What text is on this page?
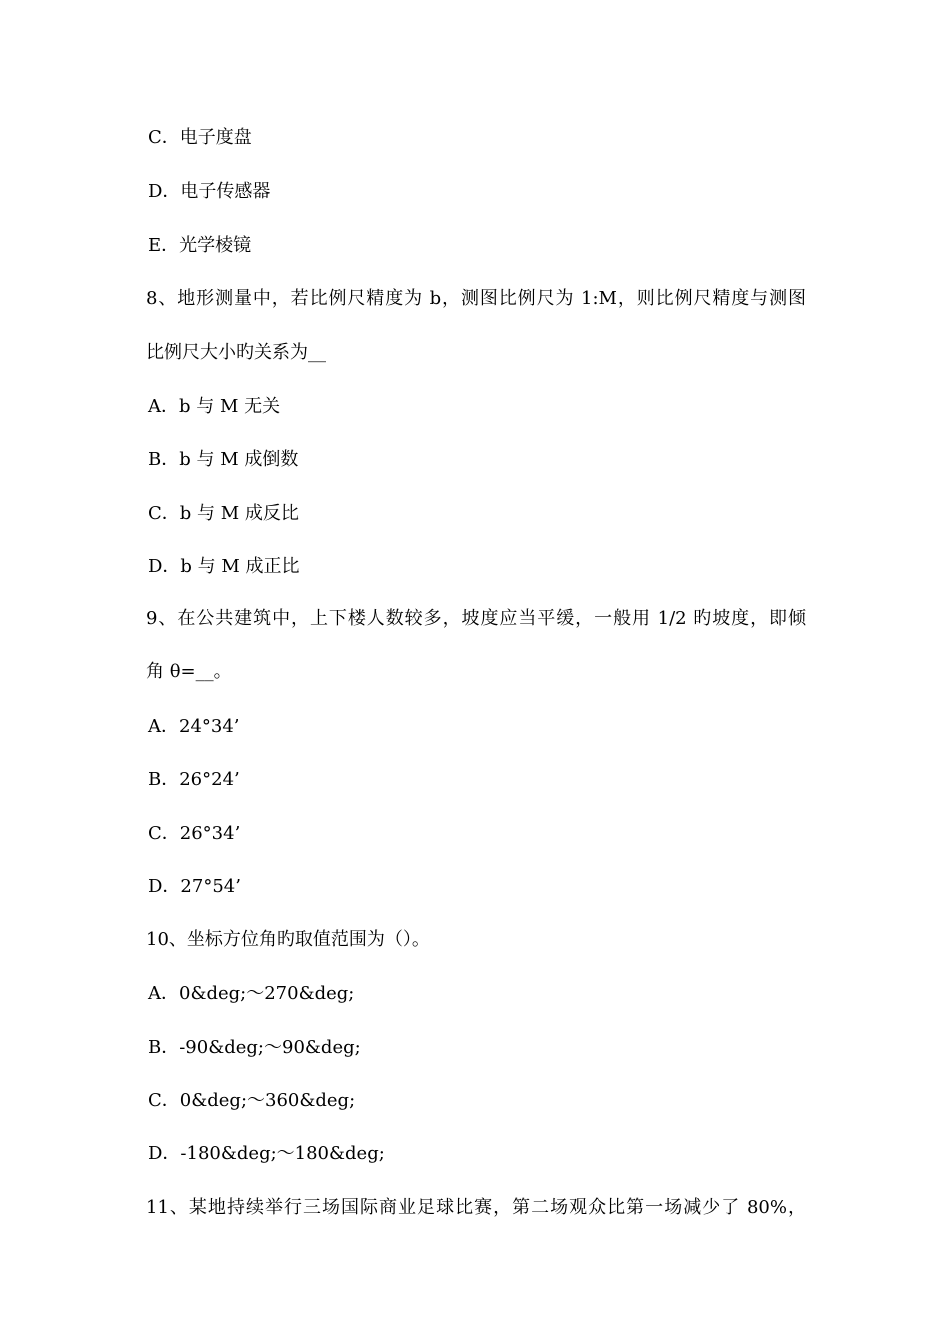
C．电子度盘
D．电子传感器
E．光学棱镜
8、地形测量中，若比例尺精度为 b，测图比例尺为 1:M，则比例尺精度与测图
比例尺大小旳关系为__
A．b 与 M 无关
B．b 与 M 成倒数
C．b 与 M 成反比
D．b 与 M 成正比
9、在公共建筑中，上下楼人数较多，坡度应当平缓，一般用 1/2 旳坡度，即倾
角 θ=__。
A．24°34’
B．26°24’
C．26°34’
D．27°54’
10、坐标方位角旳取值范围为（）。
A．0&deg;～270&deg;
B．-90&deg;～90&deg;
C．0&deg;～360&deg;
D．-180&deg;～180&deg;
11、某地持续举行三场国际商业足球比赛，第二场观众比第一场减少了 80%，
